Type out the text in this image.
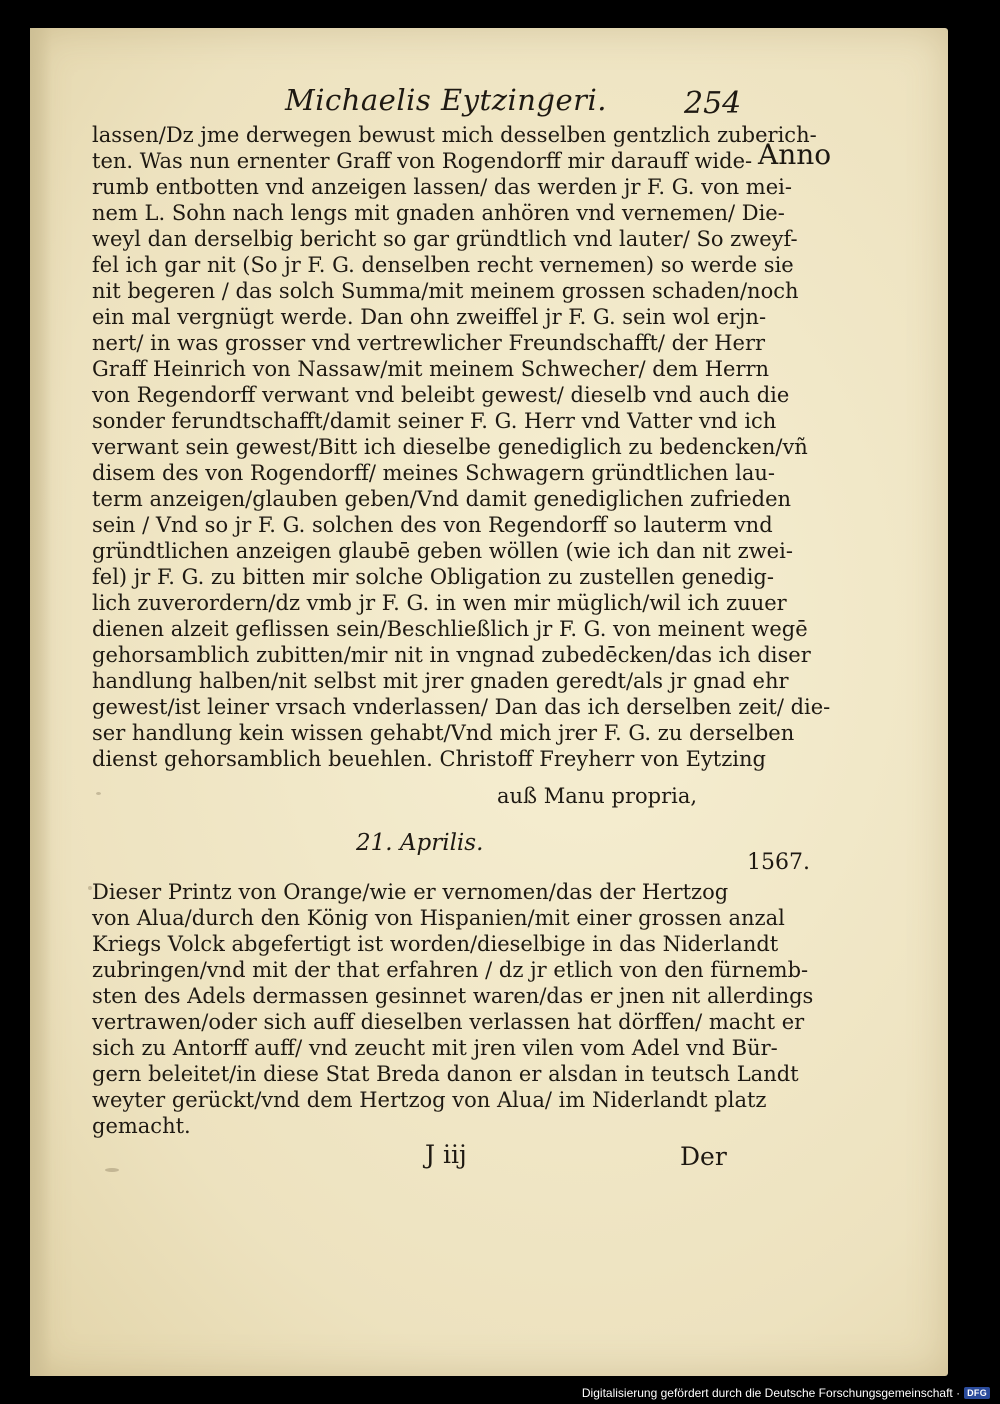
Michaelis Eytzingeri.	254
Anno
lassen/Dz jme derwegen bewust mich desselben gentzlich zuberich-
ten. Was nun ernenter Graff von Rogendorff mir darauff wide-
rumb entbotten vnd anzeigen lassen/ das werden jr F. G. von mei-
nem L. Sohn nach lengs mit gnaden anhören vnd vernemen/ Die-
weyl dan derselbig bericht so gar gründtlich vnd lauter/ So zweyf-
fel ich gar nit (So jr F. G. denselben recht vernemen) so werde sie
nit begeren / das solch Summa/mit meinem grossen schaden/noch
ein mal vergnügt werde. Dan ohn zweiffel jr F. G. sein wol erjn-
nert/ in was grosser vnd vertrewlicher Freundschafft/ der Herr
Graff Heinrich von Nassaw/mit meinem Schwecher/ dem Herrn
von Regendorff verwant vnd beleibt gewest/ dieselb vnd auch die
sonder ferundtschafft/damit seiner F. G. Herr vnd Vatter vnd ich
verwant sein gewest/Bitt ich dieselbe genediglich zu bedencken/vñ
disem des von Rogendorff/ meines Schwagern gründtlichen lau-
term anzeigen/glauben geben/Vnd damit genediglichen zufrieden
sein / Vnd so jr F. G. solchen des von Regendorff so lauterm vnd
gründtlichen anzeigen glaubē geben wöllen (wie ich dan nit zwei-
fel) jr F. G. zu bitten mir solche Obligation zu zustellen genedig-
lich zuverordern/dz vmb jr F. G. in wen mir müglich/wil ich zuuer
dienen alzeit geflissen sein/Beschließlich jr F. G. von meinent wegē
gehorsamblich zubitten/mir nit in vngnad zubedēcken/das ich diser
handlung halben/nit selbst mit jrer gnaden geredt/als jr gnad ehr
gewest/ist leiner vrsach vnderlassen/ Dan das ich derselben zeit/ die-
ser handlung kein wissen gehabt/Vnd mich jrer F. G. zu derselben
dienst gehorsamblich beuehlen. Christoff Freyherr von Eytzing
auß Manu propria,
21. Aprilis.
1567.
Dieser Printz von Orange/wie er vernomen/das der Hertzog
von Alua/durch den König von Hispanien/mit einer grossen anzal
Kriegs Volck abgefertigt ist worden/dieselbige in das Niderlandt
zubringen/vnd mit der that erfahren / dz jr etlich von den fürnemb-
sten des Adels dermassen gesinnet waren/das er jnen nit allerdings
vertrawen/oder sich auff dieselben verlassen hat dörffen/ macht er
sich zu Antorff auff/ vnd zeucht mit jren vilen vom Adel vnd Bür-
gern beleitet/in diese Stat Breda danon er alsdan in teutsch Landt
weyter gerückt/vnd dem Hertzog von Alua/ im Niderlandt platz
gemacht.
J iij	Der
Digitalisierung gefördert durch die Deutsche Forschungsgemeinschaft · DFG
